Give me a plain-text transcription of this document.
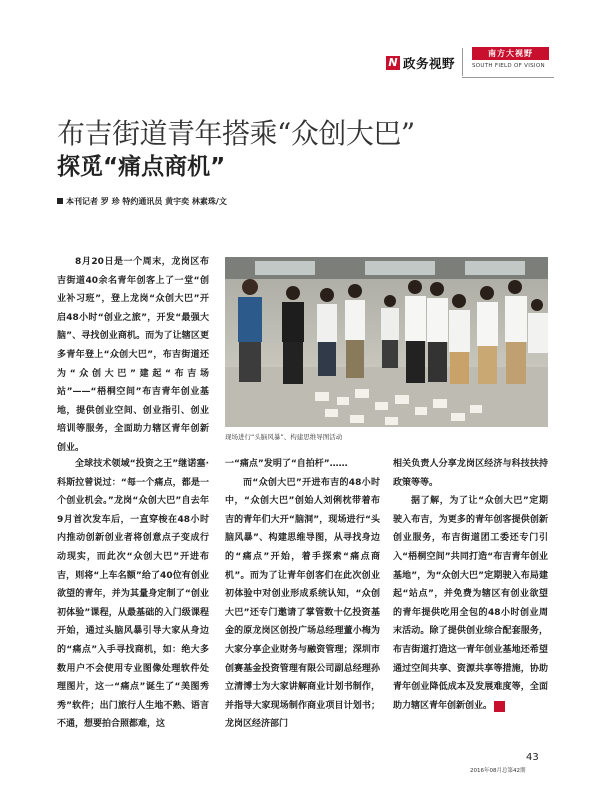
N 政务视野
南方大视野
SOUTH FIELD OF VISION
布吉街道青年搭乘“众创大巴”
探觅“痛点商机”
本刊记者 罗 珍 特约通讯员 黄宇奕 林素珠/文

8月20日是一个周末，龙岗区布吉街道40余名青年创客上了一堂“创业补习班”，登上龙岗“众创大巴”开启48小时“创业之旅”，开发“最强大脑”、寻找创业商机。而为了让辖区更多青年登上“众创大巴”，布吉街道还为“众创大巴”建起“布吉场站”——“梧桐空间”布吉青年创业基地，提供创业空间、创业指引、创业培训等服务，全面助力辖区青年创新创业。

现场进行“头脑风暴”、构建思维导图活动

全球技术领域“投资之王”继诺塞·科斯拉曾说过：“每一个痛点，都是一个创业机会。”龙岗“众创大巴”自去年9月首次发车后，一直穿梭在48小时内推动创新创业者将创意点子变成行动现实，而此次“众创大巴”开进布吉，则将“上车名额”给了40位有创业欲望的青年，并为其量身定制了“创业初体验”课程，从最基础的入门级课程开始，通过头脑风暴引导大家从身边的“痛点”入手寻找商机，如：绝大多数用户不会使用专业图像处理软件处理图片，这一“痛点”诞生了“美图秀秀”软件；出门旅行人生地不熟、语言不通，想要拍合照都难，这

一“痛点”发明了“自拍杆”……

而“众创大巴”开进布吉的48小时中，“众创大巴”创始人刘俐枕带着布吉的青年们大开“脑洞”，现场进行“头脑风暴”、构建思维导图，从寻找身边的“痛点”开始，着手探索“痛点商机”。而为了让青年创客们在此次创业初体验中对创业形成系统认知，“众创大巴”还专门邀请了掌管数十亿投资基金的原龙岗区创投广场总经理董小梅为大家分享企业财务与融资管理；深圳市创赛基金投资管理有限公司副总经理孙立清博士为大家讲解商业计划书制作，并指导大家现场制作商业项目计划书；龙岗区经济部门

相关负责人分享龙岗区经济与科技扶持政策等等。

据了解，为了让“众创大巴”定期驶入布吉，为更多的青年创客提供创新创业服务，布吉街道团工委还专门引入“梧桐空间”共同打造“布吉青年创业基地”，为“众创大巴”定期驶入布局建起“站点”，并免费为辖区有创业欲望的青年提供吃用全包的48小时创业周末活动。除了提供创业综合配套服务，布吉街道打造这一青年创业基地还希望通过空间共享、资源共享等措施，协助青年创业降低成本及发展难度等，全面助力辖区青年创新创业。	N

43
2016年08月总第42期
